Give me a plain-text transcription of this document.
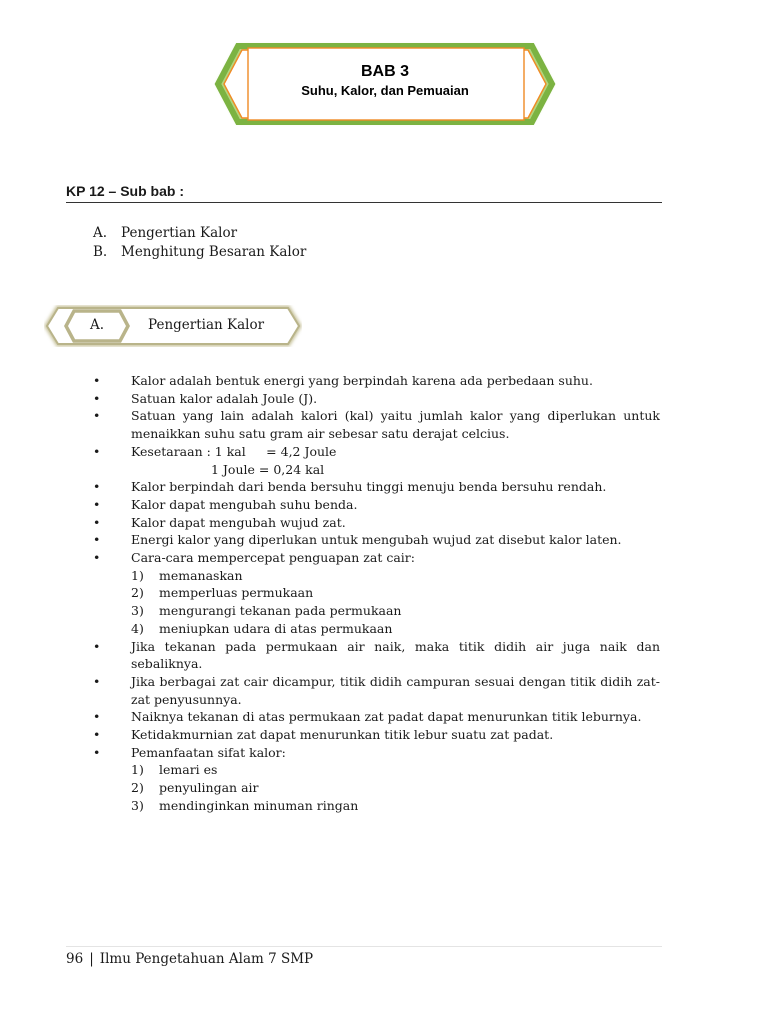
BAB 3
Suhu, Kalor, dan Pemuaian
KP 12 – Sub bab :
A. Pengertian Kalor
B. Menghitung Besaran Kalor
A.	Pengertian Kalor
• Kalor adalah bentuk energi yang berpindah karena ada perbedaan suhu.
• Satuan kalor adalah Joule (J).
• Satuan yang lain adalah kalori (kal) yaitu jumlah kalor yang diperlukan untuk menaikkan suhu satu gram air sebesar satu derajat celcius.
• Kesetaraan : 1 kal   = 4,2 Joule
1 Joule = 0,24 kal
• Kalor berpindah dari benda bersuhu tinggi menuju benda bersuhu rendah.
• Kalor dapat mengubah suhu benda.
• Kalor dapat mengubah wujud zat.
• Energi kalor yang diperlukan untuk mengubah wujud zat disebut kalor laten.
• Cara-cara mempercepat penguapan zat cair:
1) memanaskan
2) memperluas permukaan
3) mengurangi tekanan pada permukaan
4) meniupkan udara di atas permukaan
• Jika tekanan pada permukaan air naik, maka titik didih air juga naik dan sebaliknya.
• Jika berbagai zat cair dicampur, titik didih campuran sesuai dengan titik didih zat-zat penyusunnya.
• Naiknya tekanan di atas permukaan zat padat dapat menurunkan titik leburnya.
• Ketidakmurnian zat dapat menurunkan titik lebur suatu zat padat.
• Pemanfaatan sifat kalor:
1) lemari es
2) penyulingan air
3) mendinginkan minuman ringan
96 | Ilmu Pengetahuan Alam 7 SMP
